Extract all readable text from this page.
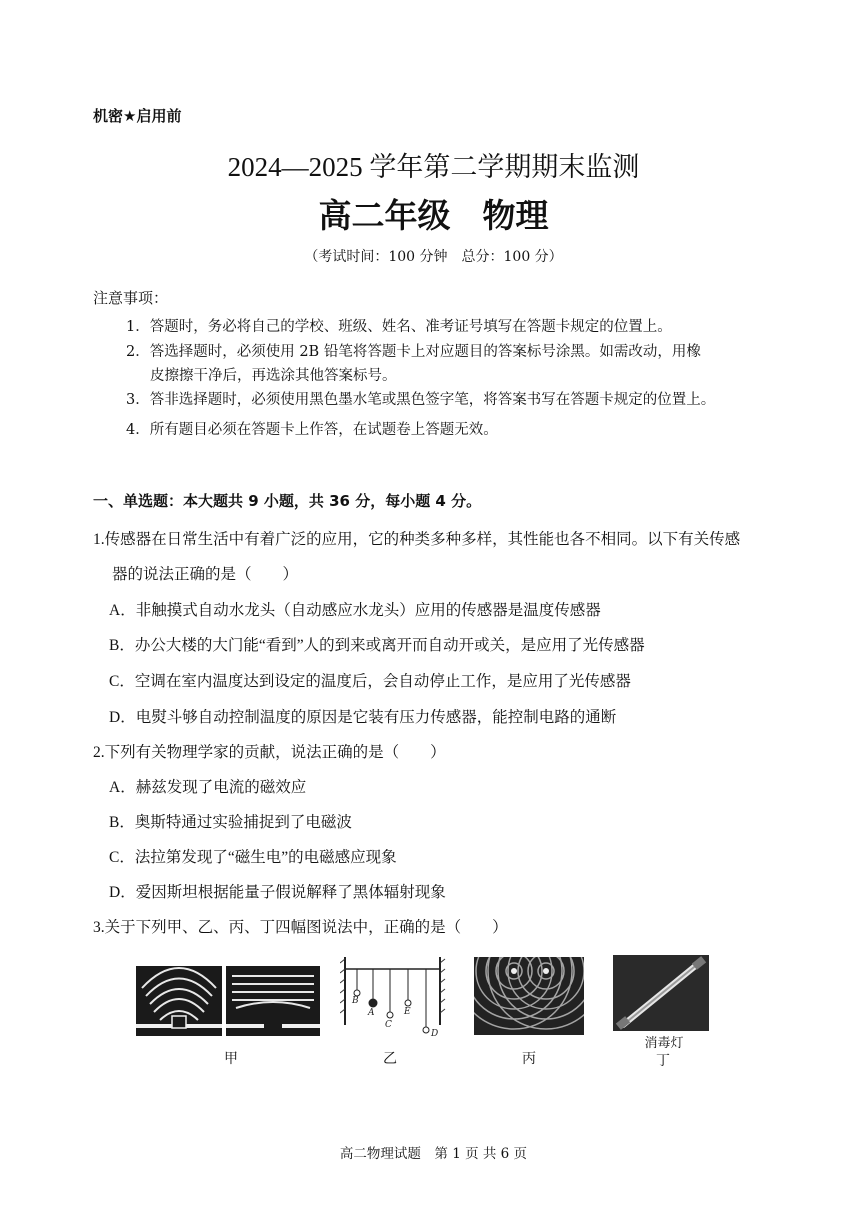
机密★启用前
2024—2025 学年第二学期期末监测
高二年级 物理
（考试时间：100 分钟　总分：100 分）
注意事项：
1．答题时，务必将自己的学校、班级、姓名、准考证号填写在答题卡规定的位置上。
2．答选择题时，必须使用 2B 铅笔将答题卡上对应题目的答案标号涂黑。如需改动，用橡
皮擦擦干净后，再选涂其他答案标号。
3．答非选择题时，必须使用黑色墨水笔或黑色签字笔，将答案书写在答题卡规定的位置上。
4．所有题目必须在答题卡上作答，在试题卷上答题无效。
一、单选题：本大题共 9 小题，共 36 分，每小题 4 分。
1.传感器在日常生活中有着广泛的应用，它的种类多种多样，其性能也各不相同。以下有关传感
器的说法正确的是（　　）
A．非触摸式自动水龙头（自动感应水龙头）应用的传感器是温度传感器
B．办公大楼的大门能“看到”人的到来或离开而自动开或关，是应用了光传感器
C．空调在室内温度达到设定的温度后，会自动停止工作，是应用了光传感器
D．电熨斗够自动控制温度的原因是它装有压力传感器，能控制电路的通断
2.下列有关物理学家的贡献，说法正确的是（　　）
A．赫兹发现了电流的磁效应
B．奥斯特通过实验捕捉到了电磁波
C．法拉第发现了“磁生电”的电磁感应现象
D．爱因斯坦根据能量子假说解释了黑体辐射现象
3.关于下列甲、乙、丙、丁四幅图说法中，正确的是（　　）
甲
B
A
C
E
D
乙	丙
消毒灯
丁
高二物理试题　第 1 页 共 6 页
